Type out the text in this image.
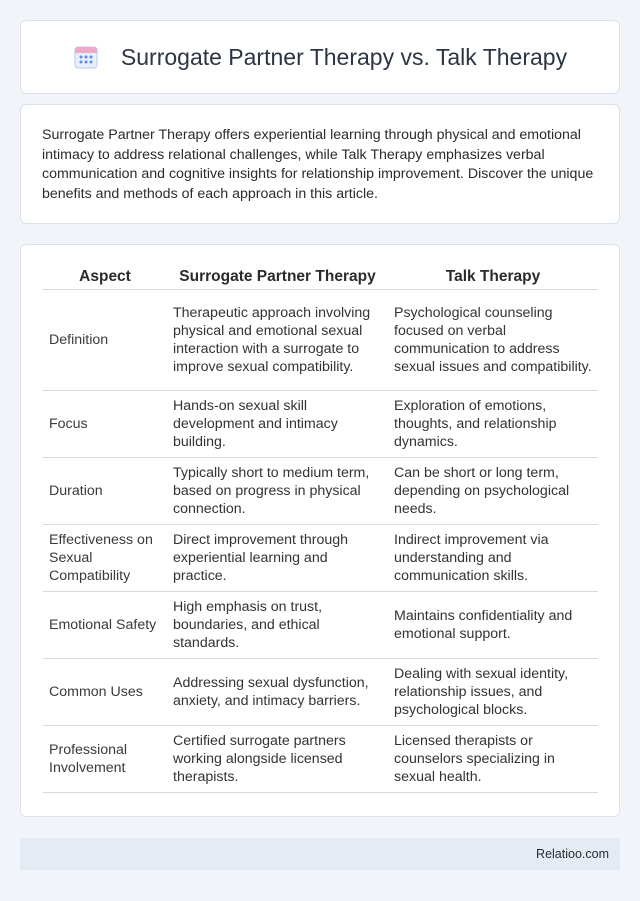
Surrogate Partner Therapy vs. Talk Therapy

Surrogate Partner Therapy offers experiential learning through physical and emotional intimacy to address relational challenges, while Talk Therapy emphasizes verbal communication and cognitive insights for relationship improvement. Discover the unique benefits and methods of each approach in this article.

Aspect	Surrogate Partner Therapy	Talk Therapy
Definition	Therapeutic approach involving physical and emotional sexual interaction with a surrogate to improve sexual compatibility.	Psychological counseling focused on verbal communication to address sexual issues and compatibility.
Focus	Hands-on sexual skill development and intimacy building.	Exploration of emotions, thoughts, and relationship dynamics.
Duration	Typically short to medium term, based on progress in physical connection.	Can be short or long term, depending on psychological needs.
Effectiveness on Sexual Compatibility	Direct improvement through experiential learning and practice.	Indirect improvement via understanding and communication skills.
Emotional Safety	High emphasis on trust, boundaries, and ethical standards.	Maintains confidentiality and emotional support.
Common Uses	Addressing sexual dysfunction, anxiety, and intimacy barriers.	Dealing with sexual identity, relationship issues, and psychological blocks.
Professional Involvement	Certified surrogate partners working alongside licensed therapists.	Licensed therapists or counselors specializing in sexual health.
Relatioo.com
